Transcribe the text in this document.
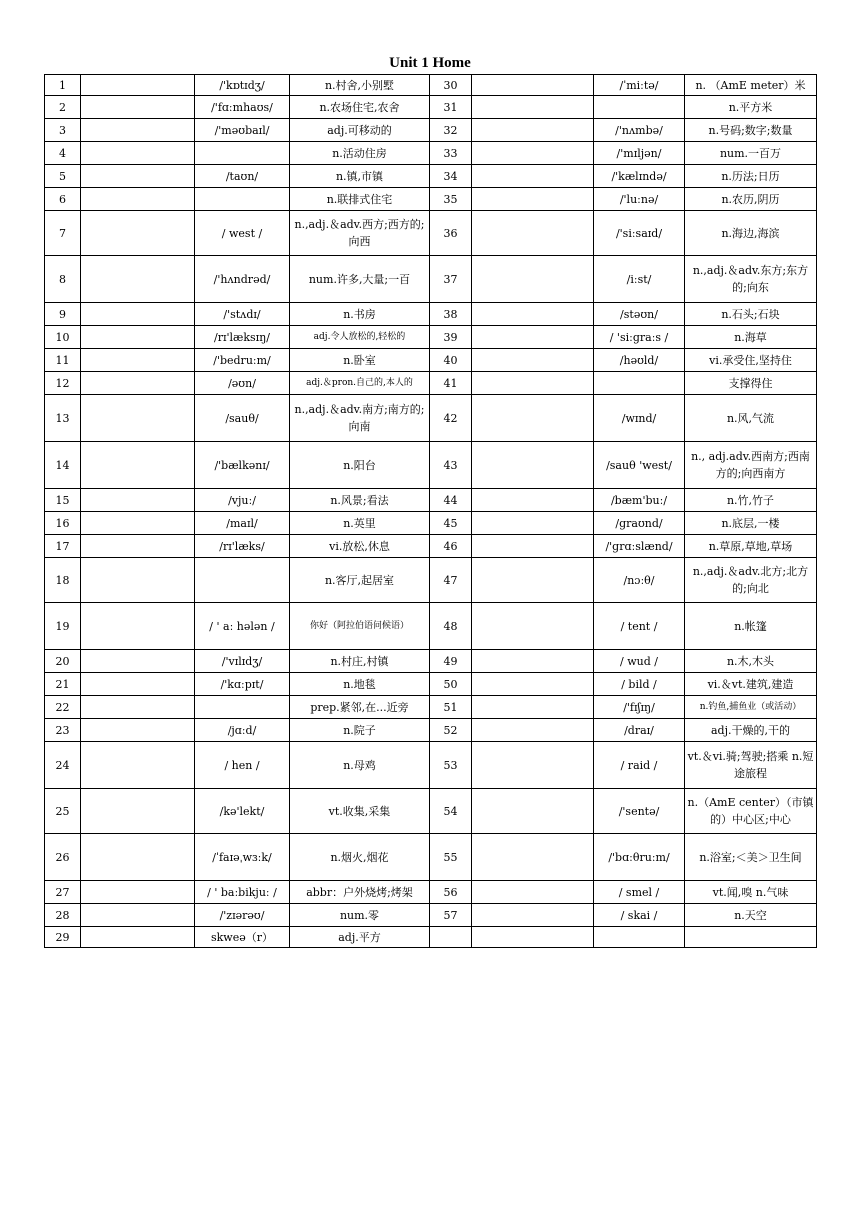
Unit 1 Home
1		/'kɒtɪdʒ/	n.村舍,小别墅	30		/ˈmiːtə/	n. （AmE meter）米
2		/'fɑːmhaʊs/	n.农场住宅,农舍	31			n.平方米
3		/'məʊbaɪl/	adj.可移动的	32		/'nʌmbə/	n.号码;数字;数量
4			n.活动住房	33		/'mɪljən/	num.一百万
5		/taʊn/	n.镇,市镇	34		/'kælɪndə/	n.历法;日历
6			n.联排式住宅	35		/'luːnə/	n.农历,阴历
7		/ west /	n.,adj.＆adv.西方;西方的;向西	36		/'siːsaɪd/	n.海边,海滨
8		/'hʌndrəd/	num.许多,大量;一百	37		/iːst/	n.,adj.＆adv.东方;东方的;向东
9		/'stʌdɪ/	n.书房	38		/stəʊn/	n.石头;石块
10		/rɪ'læksɪŋ/	adj.令人放松的,轻松的	39		/ 'siːgraːs /	n.海草
11		/'bedruːm/	n.卧室	40		/həʊld/	vi.承受住,坚持住
12		/əʊn/	adj.＆pron.自己的,本人的	41			支撑得住
13		/sauθ/	n.,adj.＆adv.南方;南方的;向南	42		/wɪnd/	n.风,气流
14		/'bælkənɪ/	n.阳台	43		/sauθ 'west/	n., adj.adv.西南方;西南方的;向西南方
15		/vjuː/	n.风景;看法	44		/bæm'buː/	n.竹,竹子
16		/maɪl/	n.英里	45		/graʊnd/	n.底层,一楼
17		/rɪ'læks/	vi.放松,休息	46		/'grɑːslænd/	n.草原,草地,草场
18			n.客厅,起居室	47		/nɔːθ/	n.,adj.＆adv.北方;北方的;向北
19		/ ' aː hələn /	你好（阿拉伯语问候语）	48		/ tent /	n.帐篷
20		/'vɪlɪdʒ/	n.村庄,村镇	49		/ wud /	n.木,木头
21		/'kɑːpɪt/	n.地毯	50		/ bild /	vi.＆vt.建筑,建造
22			prep.紧邻,在...近旁	51		/'fɪʃɪŋ/	n.钓鱼,捕鱼业（或活动）
23		/jɑːd/	n.院子	52		/draɪ/	adj.干燥的,干的
24		/ hen /	n.母鸡	53		/ raid /	vt.＆vi.骑;驾驶;搭乘 n.短途旅程
25		/kə'lekt/	vt.收集,采集	54		/'sentə/	n.（AmE center）（市镇的）中心区;中心
26		/ˈfaɪəˌwɜːk/	n.烟火,烟花	55		/'bɑːθruːm/	n.浴室;＜美＞卫生间
27		/ ' baːbikjuː /	abbr：户外烧烤;烤架	56		/ smel /	vt.闻,嗅 n.气味
28		/'zɪərəʊ/	num.零	57		/ skai /	n.天空
29		skweə（r）	adj.平方				
